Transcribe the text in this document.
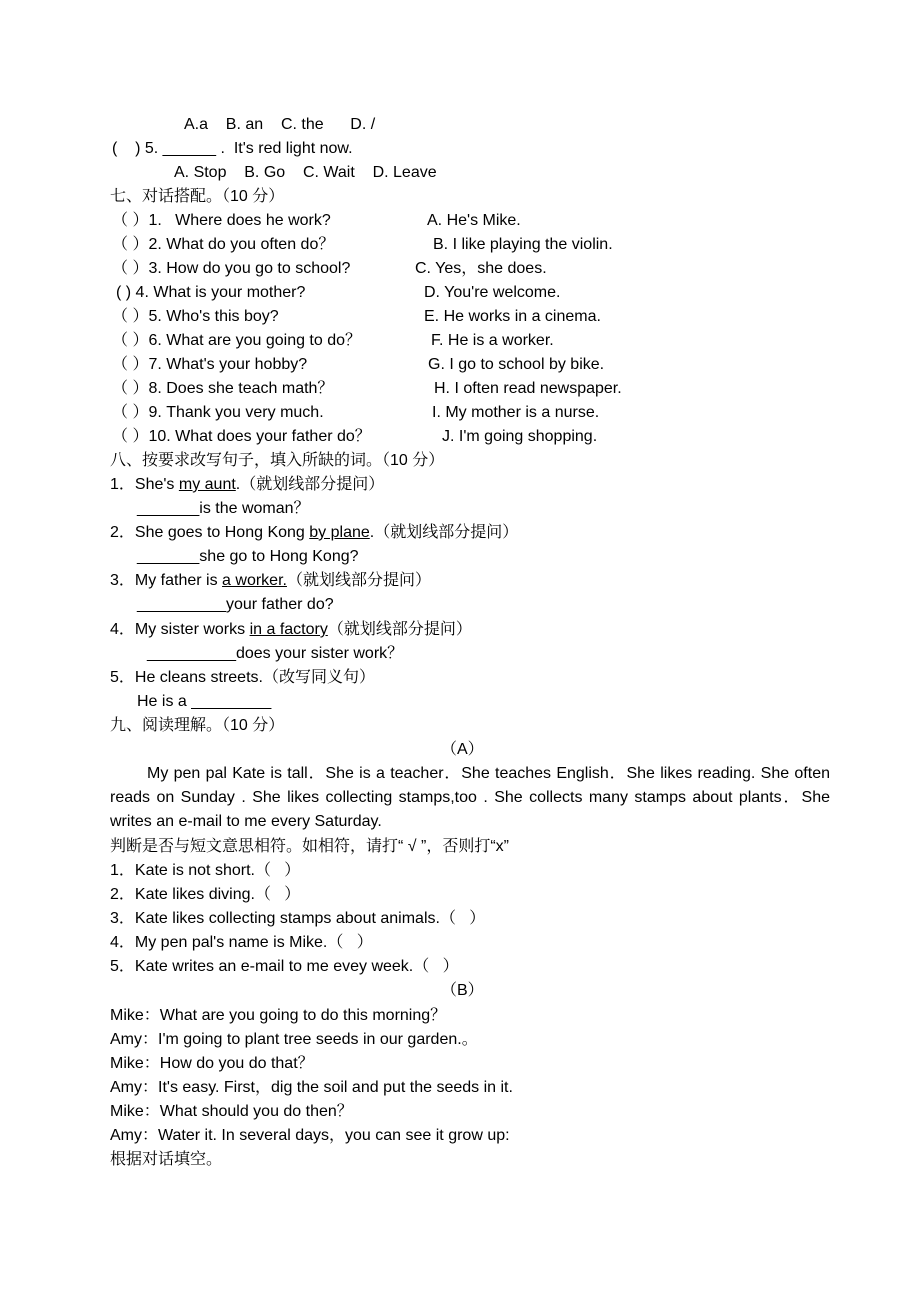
A.a    B. an    C. the      D. /
(    ) 5. ______ .  It's red light now.
A. Stop    B. Go    C. Wait    D. Leave
七、对话搭配。（10 分）
（ ）1.   Where does he work?
（ ）2. What do you often do？
（ ）3. How do you go to school?
( ) 4. What is your mother?
（ ）5. Who's this boy?
（ ）6. What are you going to do？
（ ）7. What's your hobby?
（ ）8. Does she teach math？
（ ）9. Thank you very much.
（ ）10. What does your father do？
A. He's Mike.
B. I like playing the violin.
C. Yes，she does.
D. You're welcome.
E. He works in a cinema.
F. He is a worker.
G. I go to school by bike.
H. I often read newspaper.
I. My mother is a nurse.
J. I'm going shopping.
八、按要求改写句子，填入所缺的词。（10 分）
1．She's my aunt.（就划线部分提问）
_______is the woman？
2．She goes to Hong Kong by plane.（就划线部分提问）
_______she go to Hong Kong?
3．My father is a worker.（就划线部分提问）
__________your father do?
4．My sister works in a factory（就划线部分提问）
__________does your sister work？
5．He cleans streets.（改写同义句）
He is a _________
九、阅读理解。（10 分）
（A）
My pen pal Kate is tall．She is a teacher．She teaches English．She likes reading. She often reads on Sunday . She likes collecting stamps,too . She collects many stamps about plants．She writes an e-mail to me every Saturday.
判断是否与短文意思相符。如相符，请打“ √ ”，否则打“x”
1．Kate is not short.（   ）
2．Kate likes diving.（   ）
3．Kate likes collecting stamps about animals.（   ）
4．My pen pal's name is Mike.（   ）
5．Kate writes an e-mail to me evey week.（   ）
（B）
Mike：What are you going to do this morning？
Amy：I'm going to plant tree seeds in our garden.。
Mike：How do you do that？
Amy：It's easy. First，dig the soil and put the seeds in it.
Mike：What should you do then？
Amy：Water it. In several days，you can see it grow up:
根据对话填空。
